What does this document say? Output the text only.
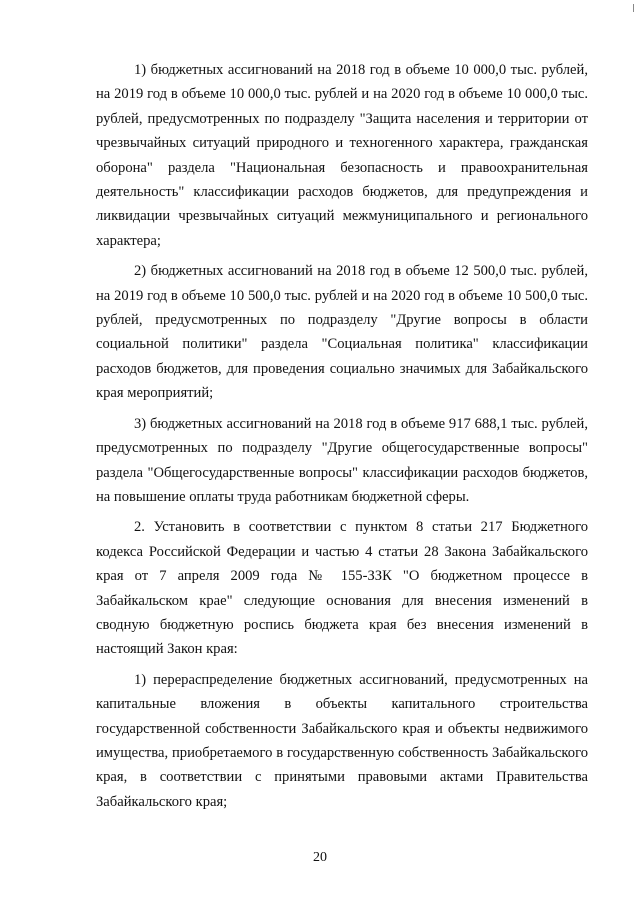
1) бюджетных ассигнований на 2018 год в объеме 10 000,0 тыс. рублей, на 2019 год в объеме 10 000,0 тыс. рублей и на 2020 год в объеме 10 000,0 тыс. рублей, предусмотренных по подразделу "Защита населения и территории от чрезвычайных ситуаций природного и техногенного характера, гражданская оборона" раздела "Национальная безопасность и правоохранительная деятельность" классификации расходов бюджетов, для предупреждения и ликвидации чрезвычайных ситуаций межмуниципального и регионального характера;

2) бюджетных ассигнований на 2018 год в объеме 12 500,0 тыс. рублей, на 2019 год в объеме 10 500,0 тыс. рублей и на 2020 год в объеме 10 500,0 тыс. рублей, предусмотренных по подразделу "Другие вопросы в области социальной политики" раздела "Социальная политика" классификации расходов бюджетов, для проведения социально значимых для Забайкальского края мероприятий;

3) бюджетных ассигнований на 2018 год в объеме 917 688,1 тыс. рублей, предусмотренных по подразделу "Другие общегосударственные вопросы" раздела "Общегосударственные вопросы" классификации расходов бюджетов, на повышение оплаты труда работникам бюджетной сферы.

2. Установить в соответствии с пунктом 8 статьи 217 Бюджетного кодекса Российской Федерации и частью 4 статьи 28 Закона Забайкальского края от 7 апреля 2009 года № 155-ЗЗК "О бюджетном процессе в Забайкальском крае" следующие основания для внесения изменений в сводную бюджетную роспись бюджета края без внесения изменений в настоящий Закон края:

1) перераспределение бюджетных ассигнований, предусмотренных на капитальные вложения в объекты капитального строительства государственной собственности Забайкальского края и объекты недвижимого имущества, приобретаемого в государственную собственность Забайкальского края, в соответствии с принятыми правовыми актами Правительства Забайкальского края;

20
